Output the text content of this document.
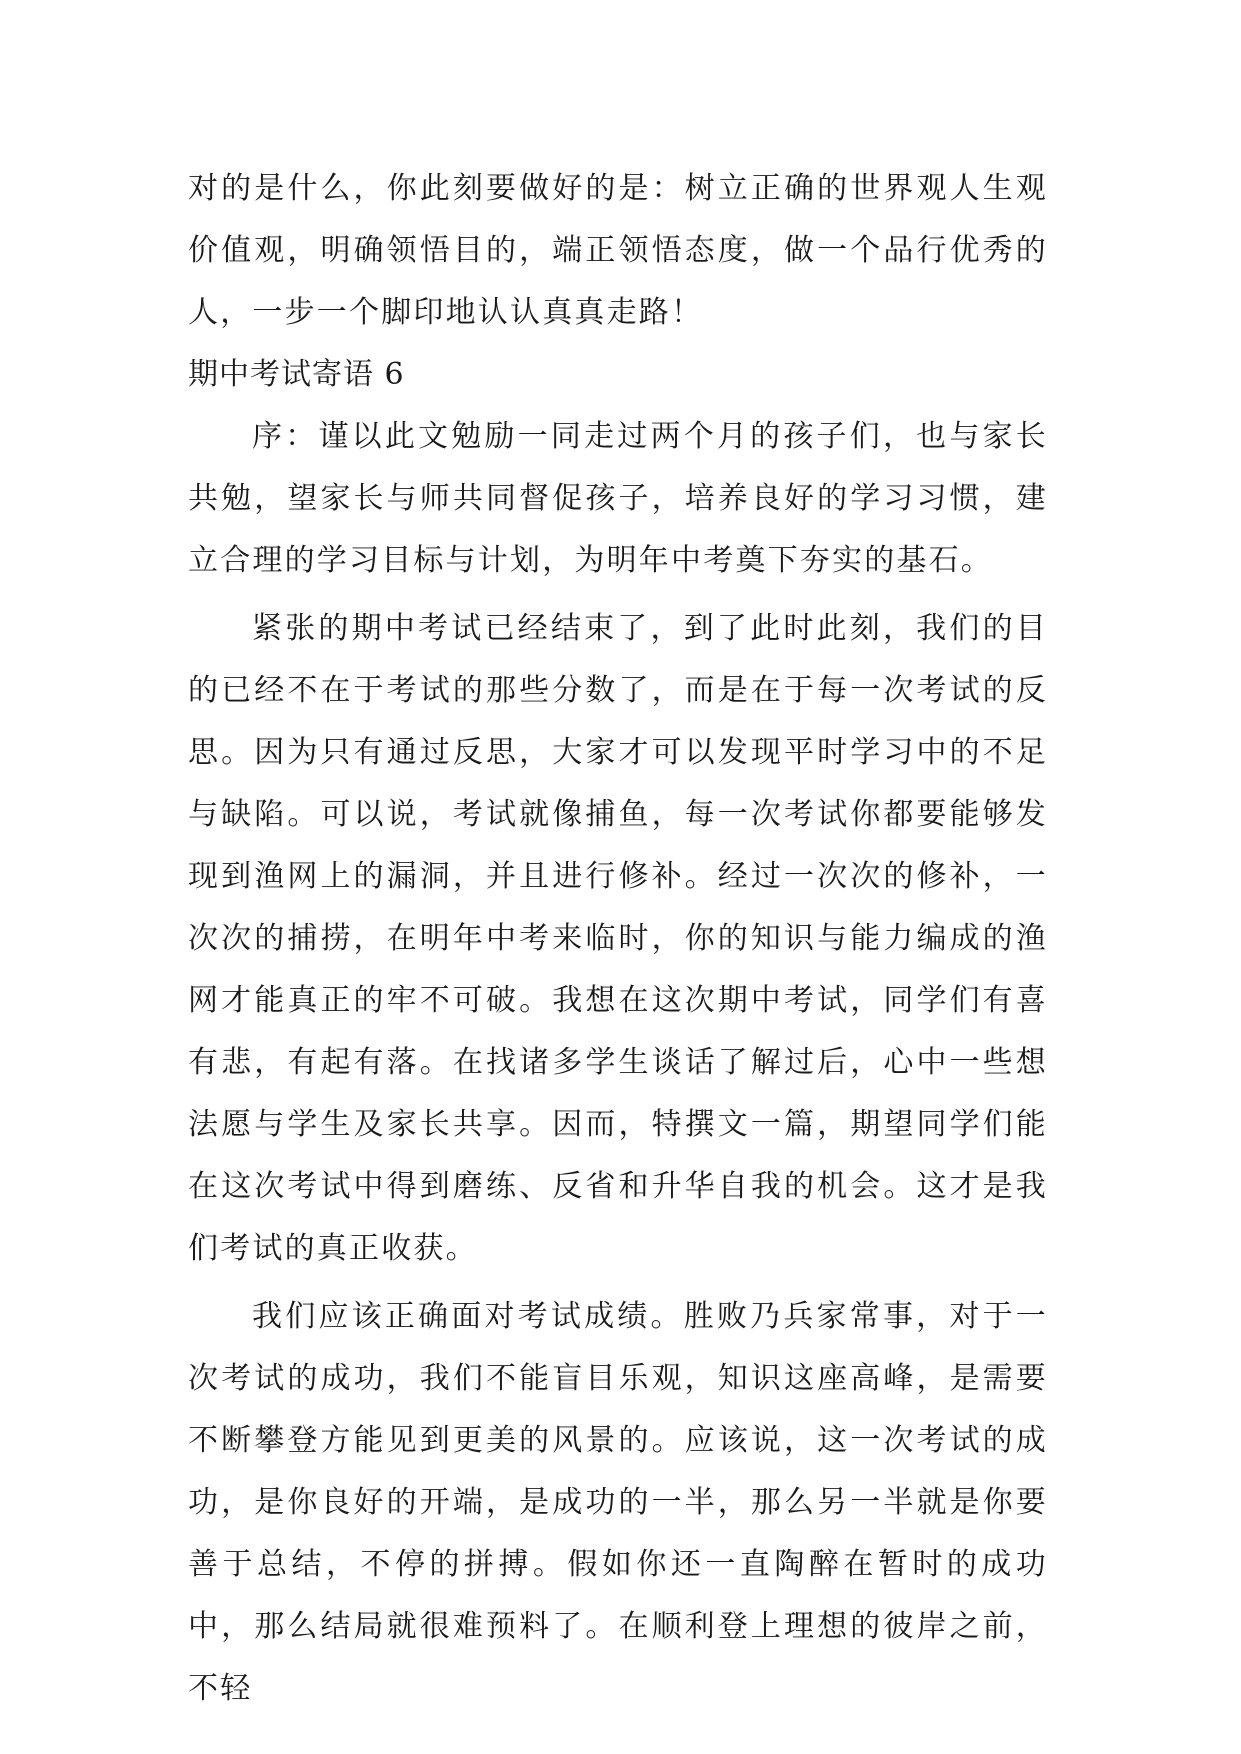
对的是什么，你此刻要做好的是：树立正确的世界观人生观价值观，明确领悟目的，端正领悟态度，做一个品行优秀的人，一步一个脚印地认认真真走路！

期中考试寄语 6

序：谨以此文勉励一同走过两个月的孩子们，也与家长共勉，望家长与师共同督促孩子，培养良好的学习习惯，建立合理的学习目标与计划，为明年中考奠下夯实的基石。

紧张的期中考试已经结束了，到了此时此刻，我们的目的已经不在于考试的那些分数了，而是在于每一次考试的反思。因为只有通过反思，大家才可以发现平时学习中的不足与缺陷。可以说，考试就像捕鱼，每一次考试你都要能够发现到渔网上的漏洞，并且进行修补。经过一次次的修补，一次次的捕捞，在明年中考来临时，你的知识与能力编成的渔网才能真正的牢不可破。我想在这次期中考试，同学们有喜有悲，有起有落。在找诸多学生谈话了解过后，心中一些想法愿与学生及家长共享。因而，特撰文一篇，期望同学们能在这次考试中得到磨练、反省和升华自我的机会。这才是我们考试的真正收获。

我们应该正确面对考试成绩。胜败乃兵家常事，对于一次考试的成功，我们不能盲目乐观，知识这座高峰，是需要不断攀登方能见到更美的风景的。应该说，这一次考试的成功，是你良好的开端，是成功的一半，那么另一半就是你要善于总结，不停的拼搏。假如你还一直陶醉在暂时的成功中，那么结局就很难预料了。在顺利登上理想的彼岸之前，不轻
